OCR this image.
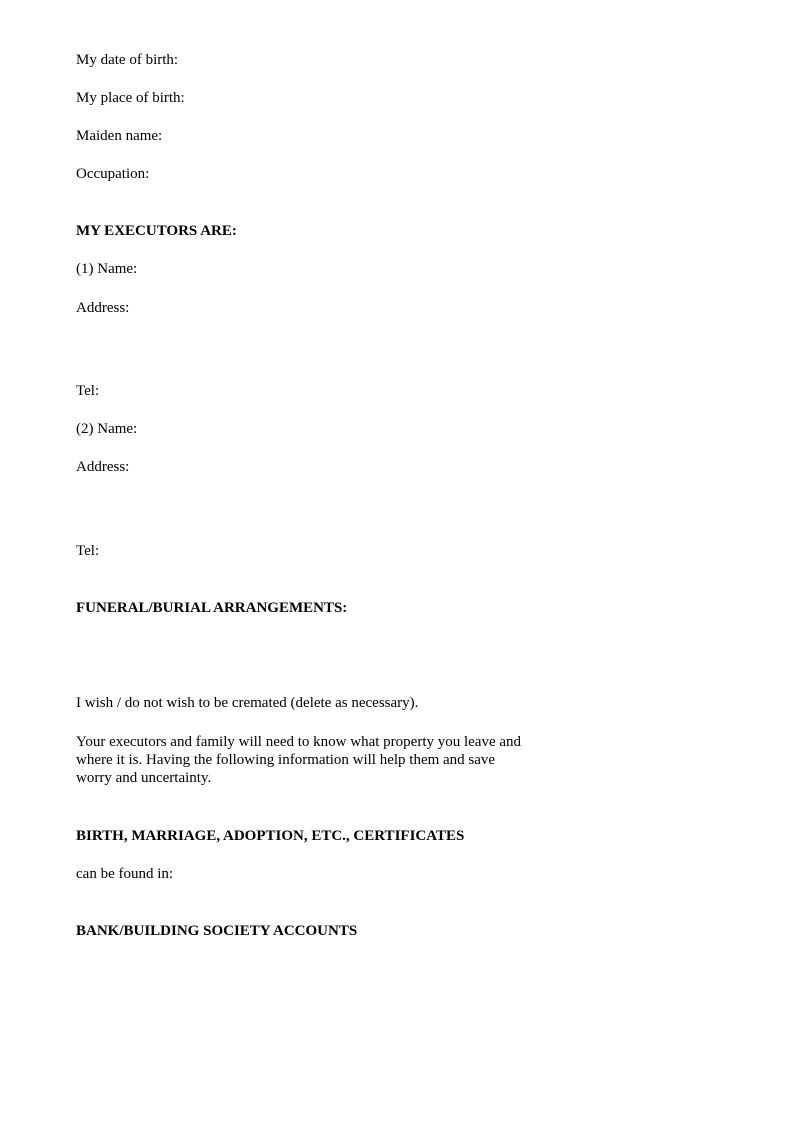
My date of birth:
My place of birth:
Maiden name:
Occupation:
MY EXECUTORS ARE:
(1) Name:
Address:
Tel:
(2) Name:
Address:
Tel:
FUNERAL/BURIAL ARRANGEMENTS:
I wish / do not wish to be cremated (delete as necessary).
Your executors and family will need to know what property you leave and
where it is. Having the following information will help them and save
worry and uncertainty.
BIRTH, MARRIAGE, ADOPTION, ETC., CERTIFICATES
can be found in:
BANK/BUILDING SOCIETY ACCOUNTS
